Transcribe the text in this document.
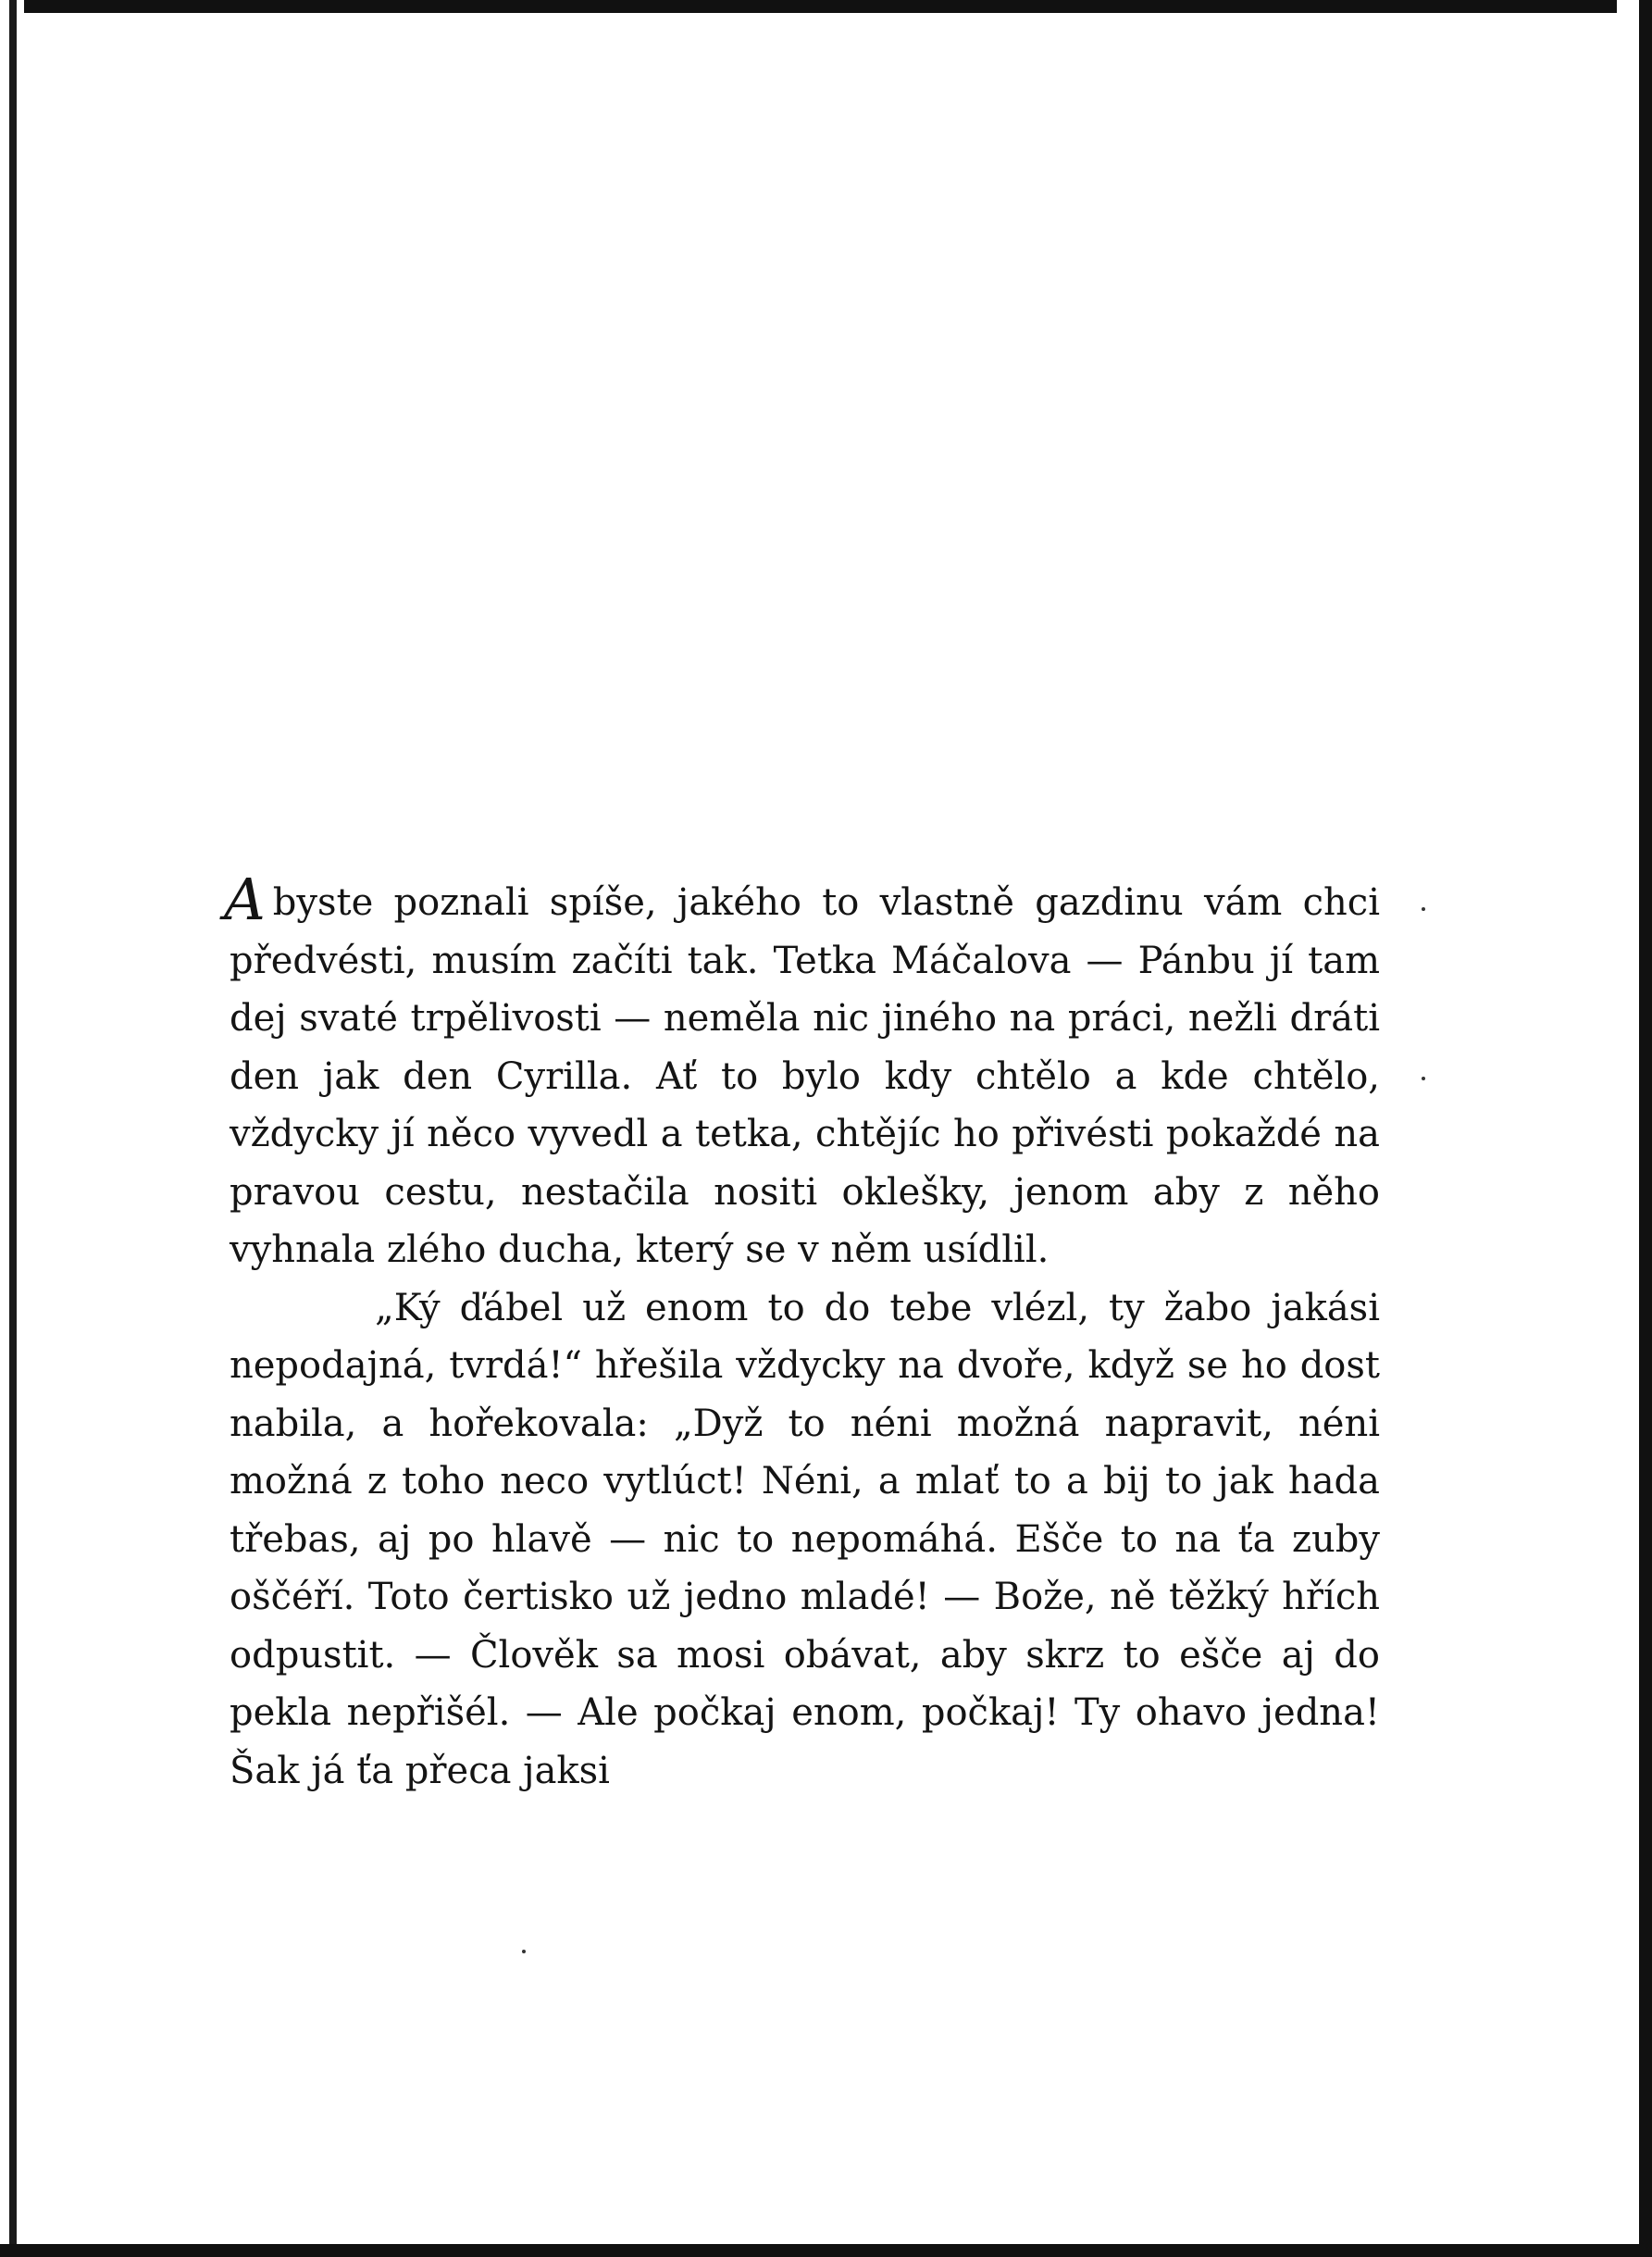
Abyste poznali spíše, jakého to vlastně gazdinu vám chci předvésti, musím začíti tak. Tetka Máčalova — Pánbu jí tam dej svaté trpělivosti — neměla nic jiného na práci, nežli dráti den jak den Cyrilla. Ať to bylo kdy chtělo a kde chtělo, vždycky jí něco vyvedl a tetka, chtějíc ho přivésti pokaždé na pravou cestu, nestačila nositi oklešky, jenom aby z něho vyhnala zlého ducha, který se v něm usídlil.

„Ký ďábel už enom to do tebe vlézl, ty žabo jakási nepodajná, tvrdá!“ hřešila vždycky na dvoře, když se ho dost nabila, a hořekovala: „Dyž to néni možná napravit, néni možná z toho neco vytlúct! Néni, a mlať to a bij to jak hada třebas, aj po hlavě — nic to nepomáhá. Ešče to na ťa zuby oščéří. Toto čertisko už jedno mladé! — Bože, ně těžký hřích odpustit. — Člověk sa mosi obávat, aby skrz to ešče aj do pekla nepřišél. — Ale počkaj enom, počkaj! Ty ohavo jedna! Šak já ťa přeca jaksi
